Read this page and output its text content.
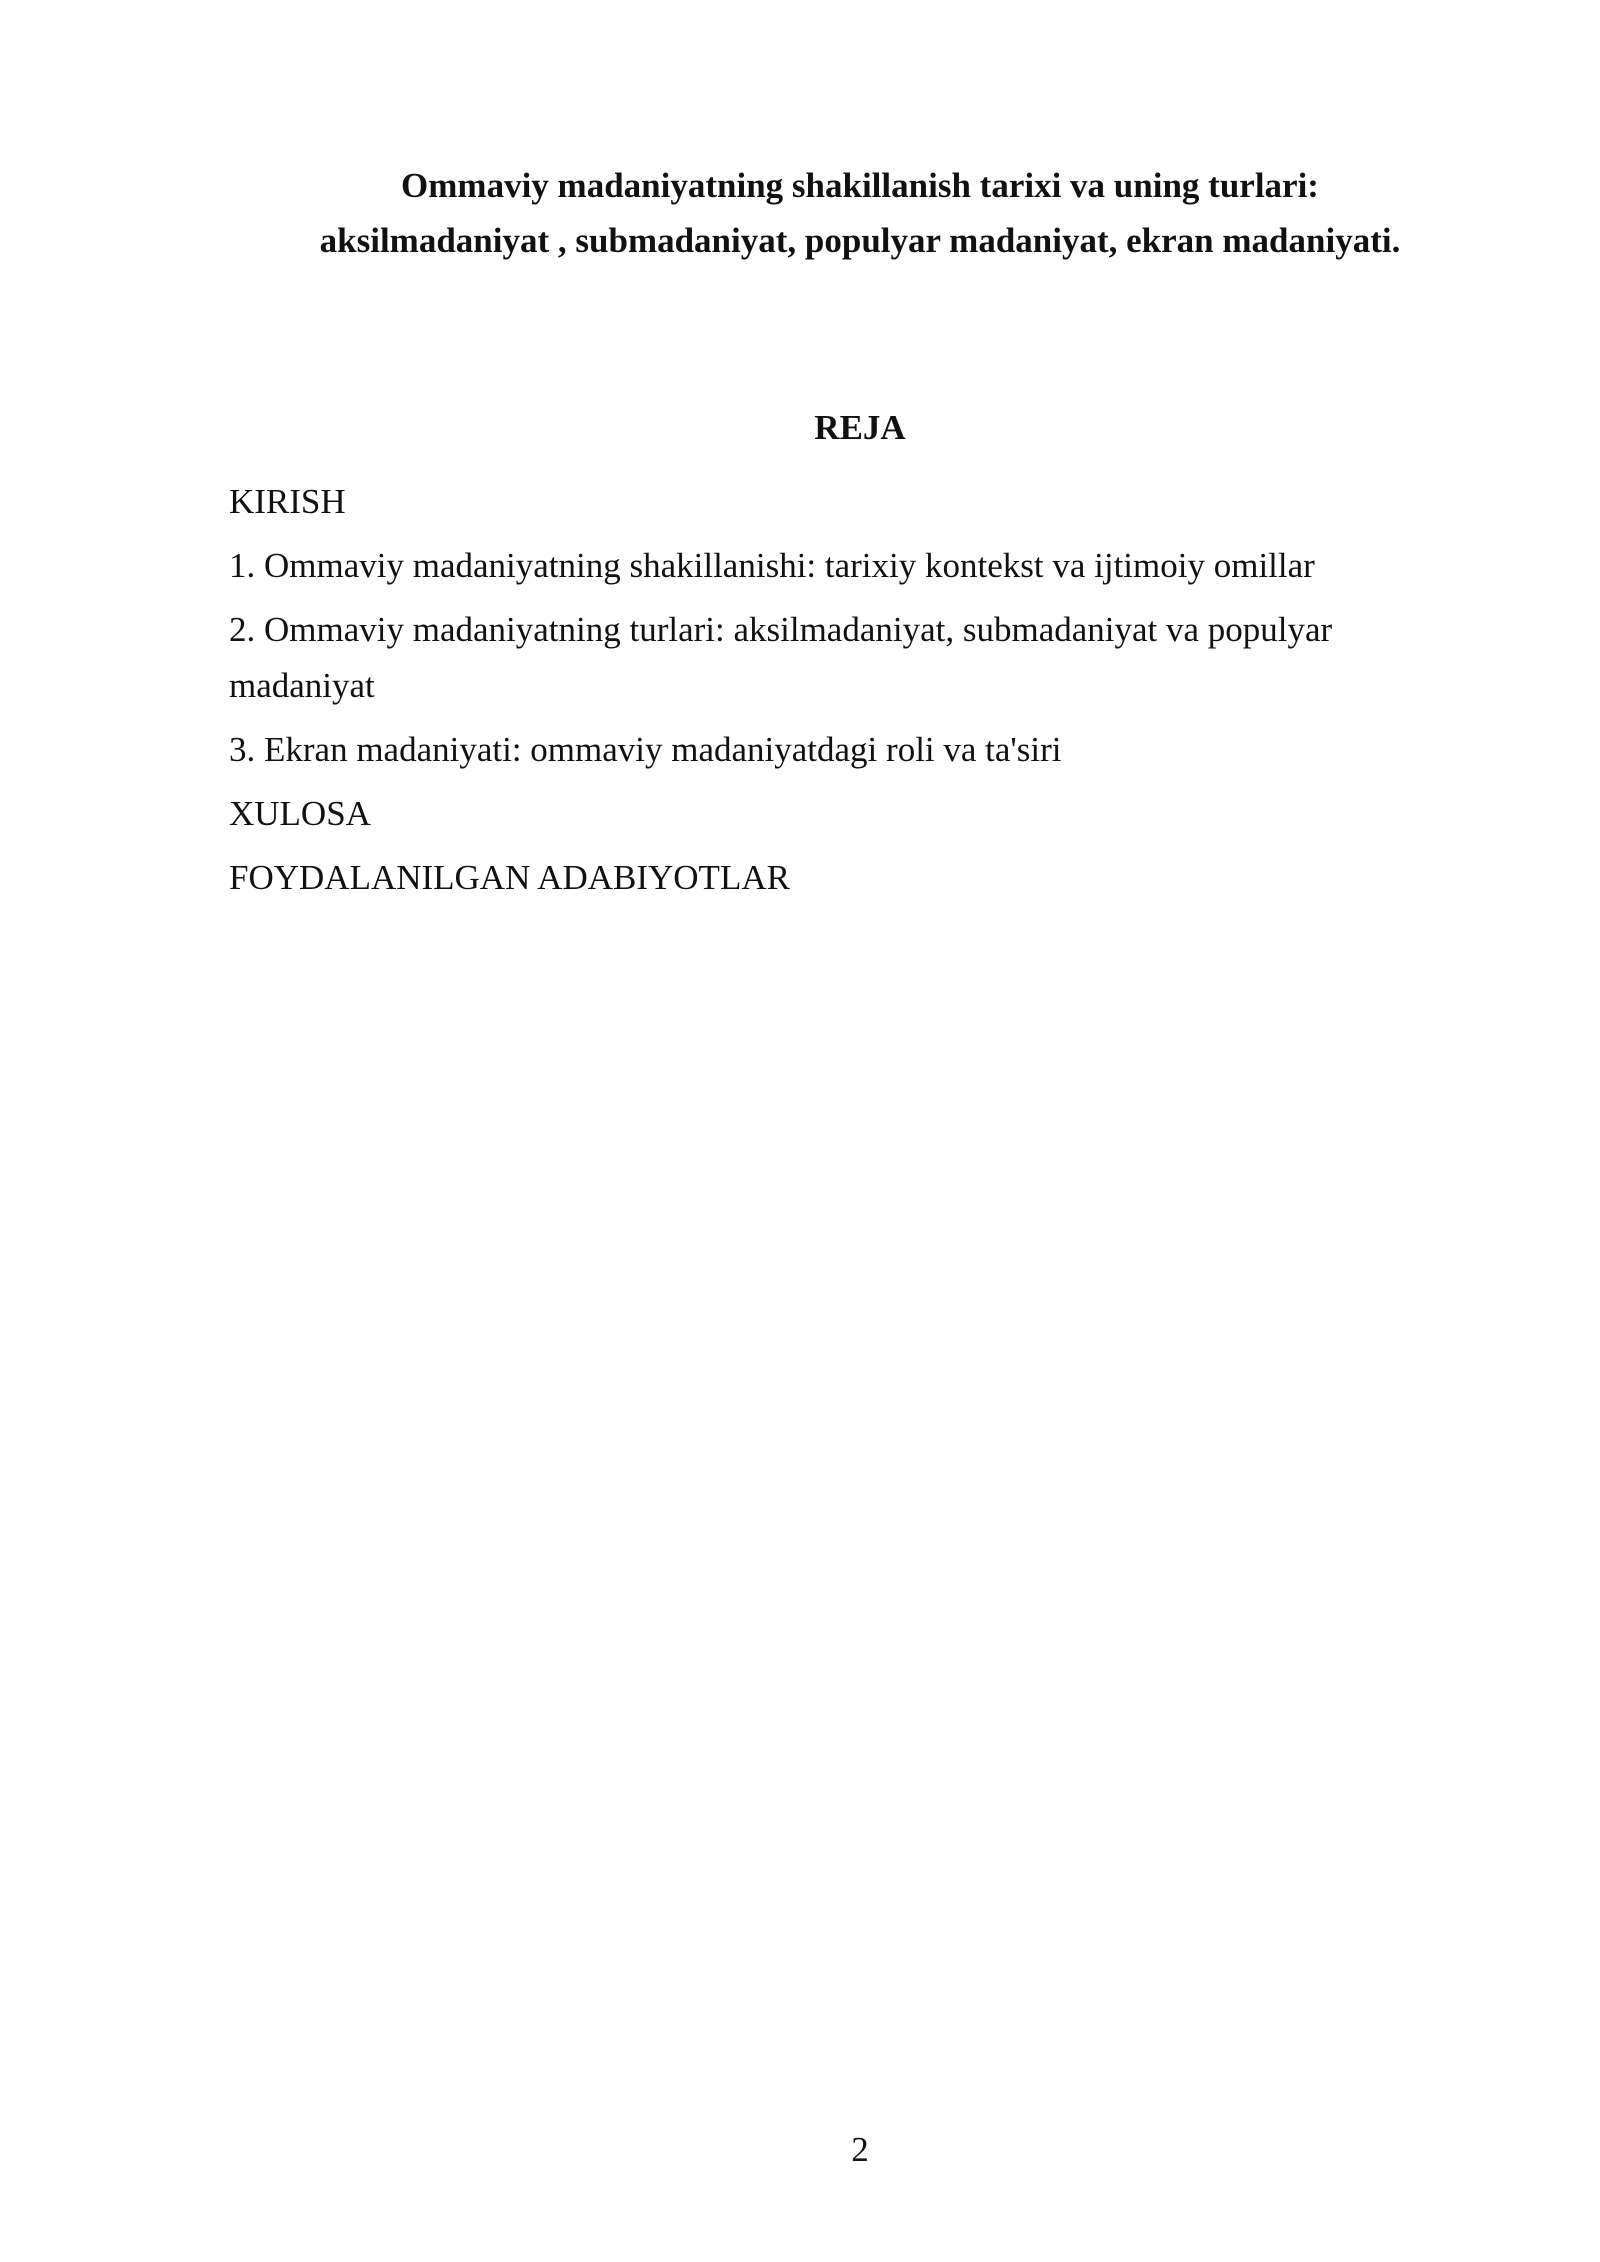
Ommaviy madaniyatning shakillanish tarixi va uning turlari:
aksilmadaniyat , submadaniyat, populyar madaniyat, ekran madaniyati.
REJA
KIRISH
1. Ommaviy madaniyatning shakillanishi: tarixiy kontekst va ijtimoiy omillar
2. Ommaviy madaniyatning turlari: aksilmadaniyat, submadaniyat va populyar madaniyat
3. Ekran madaniyati: ommaviy madaniyatdagi roli va ta'siri
XULOSA
FOYDALANILGAN ADABIYOTLAR
2
